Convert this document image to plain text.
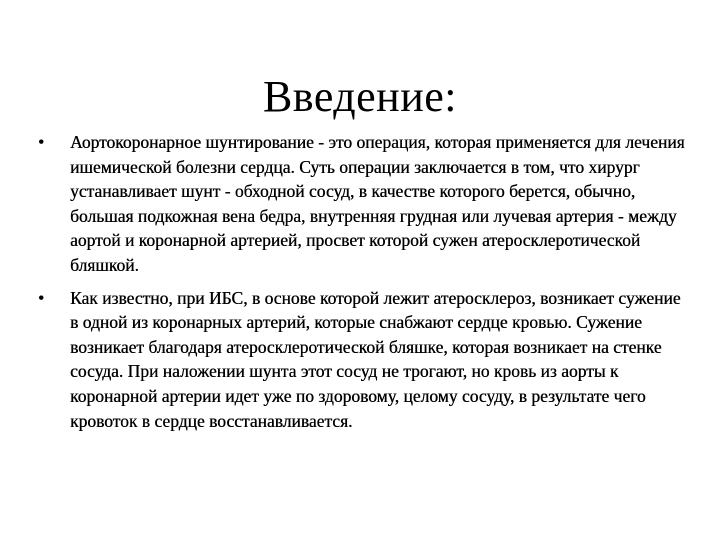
Введение:
•	Аортокоронарное шунтирование - это операция, которая применяется для лечения ишемической болезни сердца. Суть операции заключается в том, что хирург устанавливает шунт - обходной сосуд, в качестве которого берется, обычно, большая подкожная вена бедра, внутренняя грудная или лучевая артерия - между аортой и коронарной артерией, просвет которой сужен атеросклеротической бляшкой.
•	Как известно, при ИБС, в основе которой лежит атеросклероз, возникает сужение в одной из коронарных артерий, которые снабжают сердце кровью. Сужение возникает благодаря атеросклеротической бляшке, которая возникает на стенке сосуда. При наложении шунта этот сосуд не трогают, но кровь из аорты к коронарной артерии идет уже по здоровому, целому сосуду, в результате чего кровоток в сердце восстанавливается.
